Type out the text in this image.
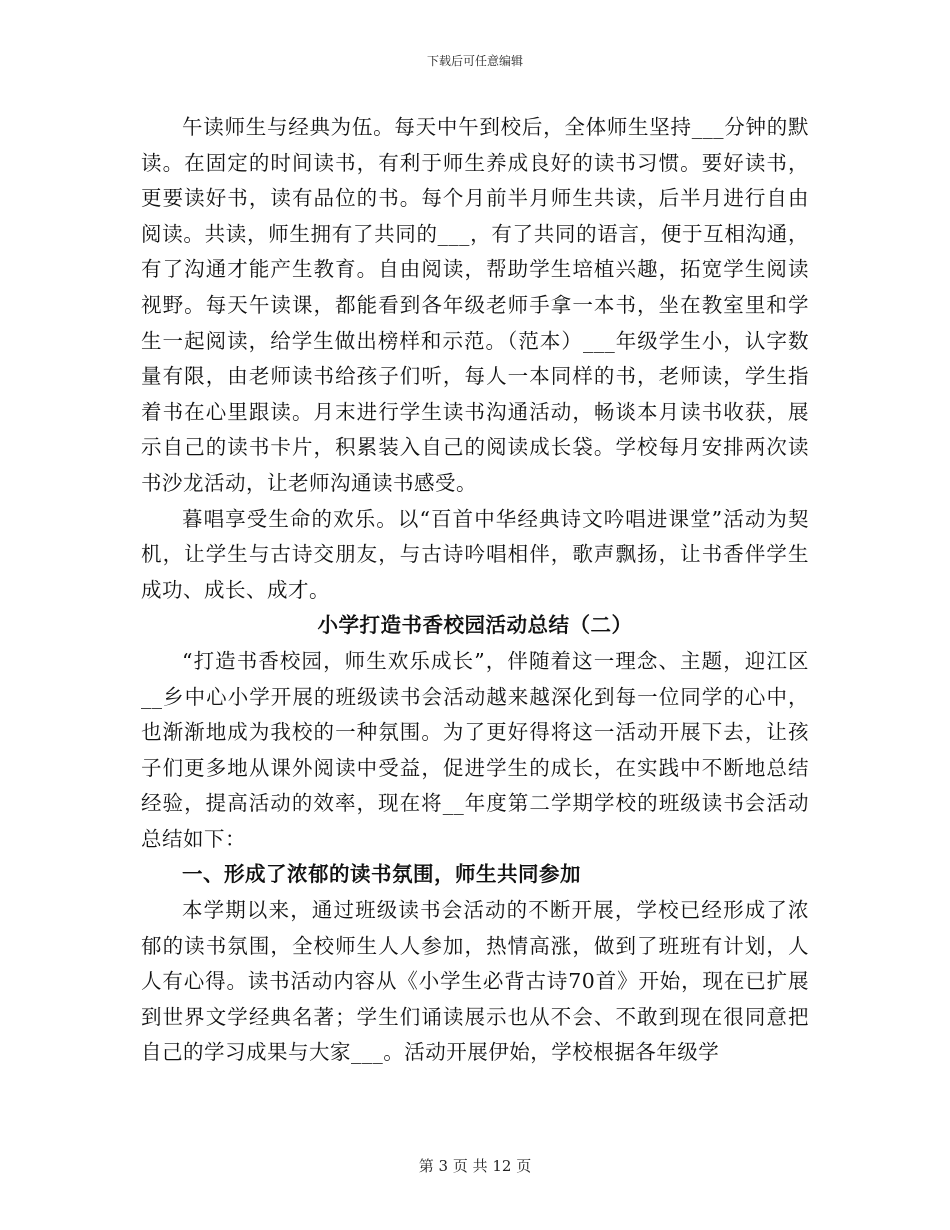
下载后可任意编辑

午读师生与经典为伍。每天中午到校后，全体师生坚持___分钟的默读。在固定的时间读书，有利于师生养成良好的读书习惯。要好读书，更要读好书，读有品位的书。每个月前半月师生共读，后半月进行自由阅读。共读，师生拥有了共同的___，有了共同的语言，便于互相沟通，有了沟通才能产生教育。自由阅读，帮助学生培植兴趣，拓宽学生阅读视野。每天午读课，都能看到各年级老师手拿一本书，坐在教室里和学生一起阅读，给学生做出榜样和示范。（范本）___年级学生小，认字数量有限，由老师读书给孩子们听，每人一本同样的书，老师读，学生指着书在心里跟读。月末进行学生读书沟通活动，畅谈本月读书收获，展示自己的读书卡片，积累装入自己的阅读成长袋。学校每月安排两次读书沙龙活动，让老师沟通读书感受。

暮唱享受生命的欢乐。以“百首中华经典诗文吟唱进课堂”活动为契机，让学生与古诗交朋友，与古诗吟唱相伴，歌声飘扬，让书香伴学生成功、成长、成才。

小学打造书香校园活动总结（二）

“打造书香校园，师生欢乐成长”，伴随着这一理念、主题，迎江区__乡中心小学开展的班级读书会活动越来越深化到每一位同学的心中，也渐渐地成为我校的一种氛围。为了更好得将这一活动开展下去，让孩子们更多地从课外阅读中受益，促进学生的成长，在实践中不断地总结经验，提高活动的效率，现在将__年度第二学期学校的班级读书会活动总结如下：

一、形成了浓郁的读书氛围，师生共同参加

本学期以来，通过班级读书会活动的不断开展，学校已经形成了浓郁的读书氛围，全校师生人人参加，热情高涨，做到了班班有计划，人人有心得。读书活动内容从《小学生必背古诗70首》开始，现在已扩展到世界文学经典名著；学生们诵读展示也从不会、不敢到现在很同意把自己的学习成果与大家___。活动开展伊始，学校根据各年级学

第 3 页 共 12 页
